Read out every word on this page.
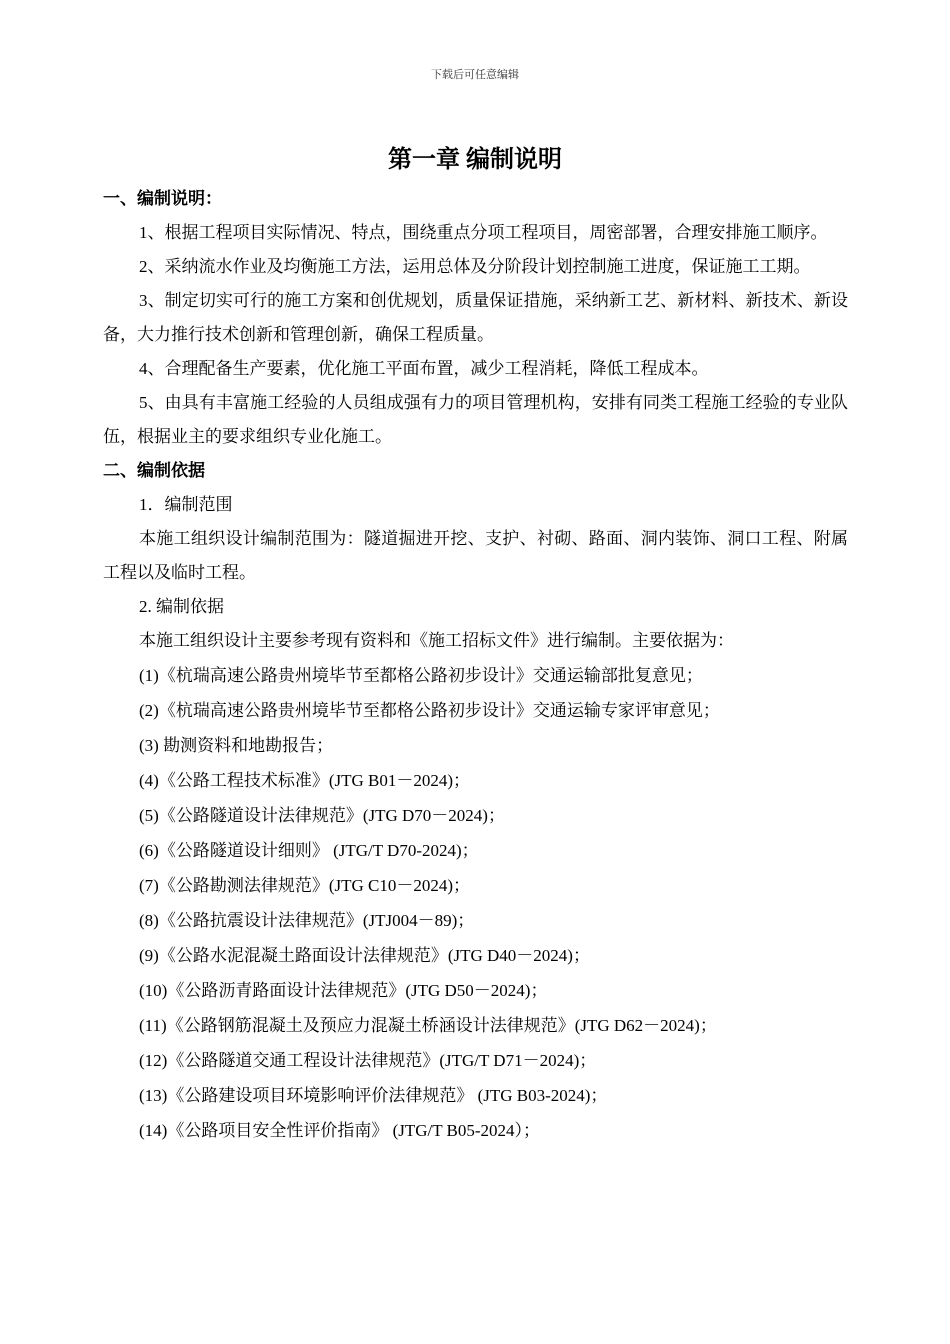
下载后可任意编辑
第一章 编制说明

一、编制说明：

1、根据工程项目实际情况、特点，围绕重点分项工程项目，周密部署，合理安排施工顺序。

2、采纳流水作业及均衡施工方法，运用总体及分阶段计划控制施工进度，保证施工工期。

3、制定切实可行的施工方案和创优规划，质量保证措施，采纳新工艺、新材料、新技术、新设备，大力推行技术创新和管理创新，确保工程质量。

4、合理配备生产要素，优化施工平面布置，减少工程消耗，降低工程成本。

5、由具有丰富施工经验的人员组成强有力的项目管理机构，安排有同类工程施工经验的专业队伍，根据业主的要求组织专业化施工。

二、编制依据

1．编制范围

本施工组织设计编制范围为：隧道掘进开挖、支护、衬砌、路面、洞内装饰、洞口工程、附属工程以及临时工程。

2. 编制依据

本施工组织设计主要参考现有资料和《施工招标文件》进行编制。主要依据为：

(1)《杭瑞高速公路贵州境毕节至都格公路初步设计》交通运输部批复意见；

(2)《杭瑞高速公路贵州境毕节至都格公路初步设计》交通运输专家评审意见；

(3) 勘测资料和地勘报告；

(4)《公路工程技术标准》(JTG B01－2024)；

(5)《公路隧道设计法律规范》(JTG D70－2024)；

(6)《公路隧道设计细则》 (JTG/T D70-2024)；

(7)《公路勘测法律规范》(JTG C10－2024)；

(8)《公路抗震设计法律规范》(JTJ004－89)；

(9)《公路水泥混凝土路面设计法律规范》(JTG D40－2024)；

(10)《公路沥青路面设计法律规范》(JTG D50－2024)；

(11)《公路钢筋混凝土及预应力混凝土桥涵设计法律规范》(JTG D62－2024)；

(12)《公路隧道交通工程设计法律规范》(JTG/T D71－2024)；

(13)《公路建设项目环境影响评价法律规范》 (JTG B03-2024)；

(14)《公路项目安全性评价指南》 (JTG/T B05-2024）；
